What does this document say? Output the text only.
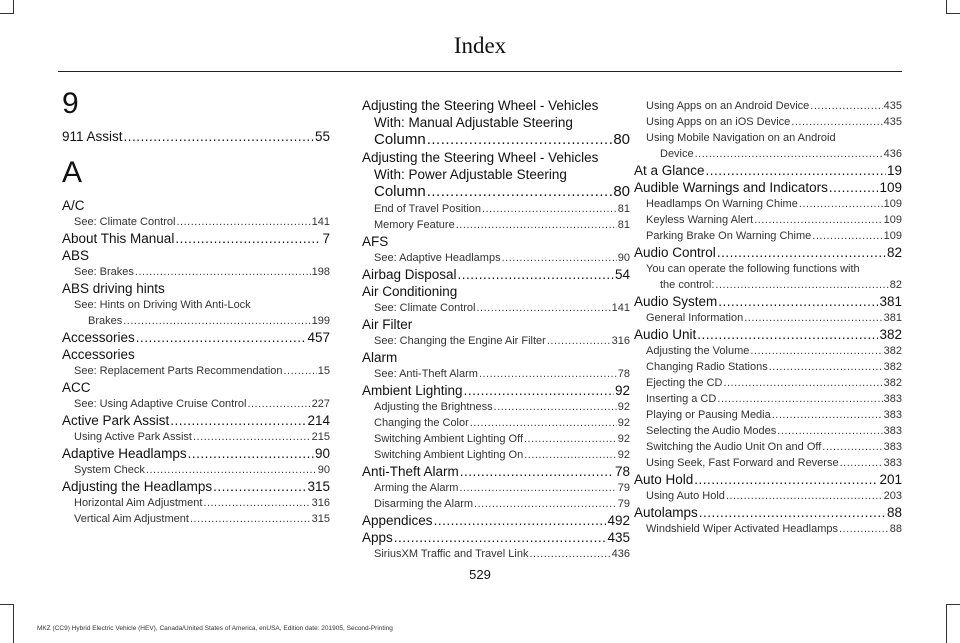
Index
9
911 Assist .....	55
A
A/C
See: Climate Control .....	141
About This Manual .....	7
ABS
See: Brakes .....	198
ABS driving hints
See: Hints on Driving With Anti-Lock
Brakes .....	199
Accessories .....	457
Accessories
See: Replacement Parts Recommendation .....	15
ACC
See: Using Adaptive Cruise Control .....	227
Active Park Assist .....	214
Using Active Park Assist .....	215
Adaptive Headlamps .....	90
System Check .....	90
Adjusting the Headlamps .....	315
Horizontal Aim Adjustment .....	316
Vertical Aim Adjustment .....	315
Adjusting the Steering Wheel - Vehicles
With: Manual Adjustable Steering
Column .....	80
Adjusting the Steering Wheel - Vehicles
With: Power Adjustable Steering
Column .....	80
End of Travel Position .....	81
Memory Feature .....	81
AFS
See: Adaptive Headlamps .....	90
Airbag Disposal .....	54
Air Conditioning
See: Climate Control .....	141
Air Filter
See: Changing the Engine Air Filter .....	316
Alarm
See: Anti-Theft Alarm .....	78
Ambient Lighting .....	92
Adjusting the Brightness .....	92
Changing the Color .....	92
Switching Ambient Lighting Off .....	92
Switching Ambient Lighting On .....	92
Anti-Theft Alarm .....	78
Arming the Alarm .....	79
Disarming the Alarm .....	79
Appendices .....	492
Apps .....	435
SiriusXM Traffic and Travel Link .....	436
Using Apps on an Android Device .....	435
Using Apps on an iOS Device .....	435
Using Mobile Navigation on an Android
Device .....	436
At a Glance .....	19
Audible Warnings and Indicators .....	109
Headlamps On Warning Chime .....	109
Keyless Warning Alert .....	109
Parking Brake On Warning Chime .....	109
Audio Control .....	82
You can operate the following functions with
the control: .....	82
Audio System .....	381
General Information .....	381
Audio Unit .....	382
Adjusting the Volume .....	382
Changing Radio Stations .....	382
Ejecting the CD .....	382
Inserting a CD .....	383
Playing or Pausing Media .....	383
Selecting the Audio Modes .....	383
Switching the Audio Unit On and Off .....	383
Using Seek, Fast Forward and Reverse .....	383
Auto Hold .....	201
Using Auto Hold .....	203
Autolamps .....	88
Windshield Wiper Activated Headlamps .....	88
529
MKZ (CC9) Hybrid Electric Vehicle (HEV), Canada/United States of America, enUSA, Edition date: 201905, Second-Printing
